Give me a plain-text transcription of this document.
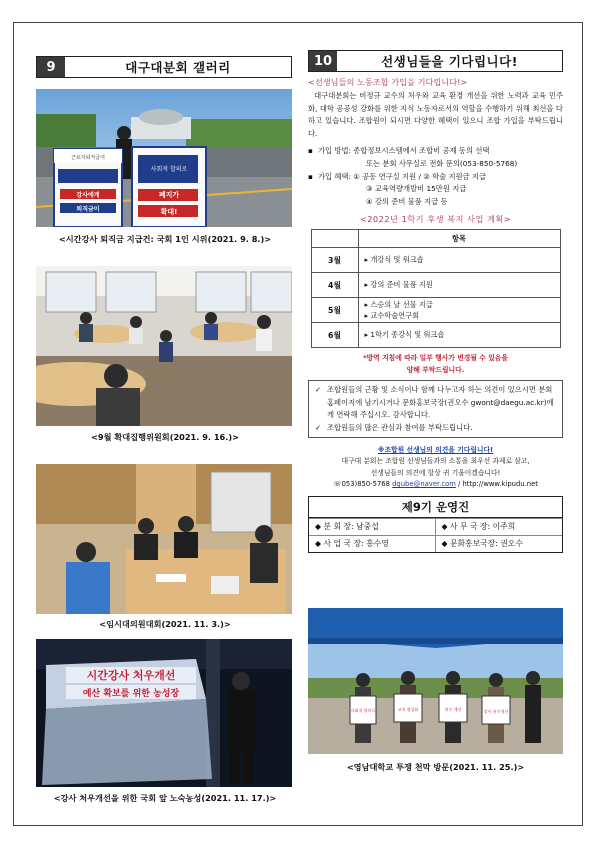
9	대구대분회 갤러리
근로자퇴직급여
사회적 합의로
폐지가
확대!
강사에게
퇴직금이
<시간강사 퇴직금 지급건: 국회 1인 시위(2021. 9. 8.)>
<9월 확대집행위원회(2021. 9. 16.)>
<임시대의원대회(2021. 11. 3.)>
시간강사 처우개선
예산 확보를 위한 농성장
<강사 처우개선을 위한 국회 앞 노숙농성(2021. 11. 17.)>
10	선생님들을 기다립니다!
<선생님들의 노동조합 가입을 기다립니다!>
대구대분회는 비정규 교수의 처우와 교육 환경 개선을 위한 노력과 교육 민주화, 대학 공공성 강화를 위한 지식 노동자로서의 역할을 수행하기 위해 최선을 다하고 있습니다. 조합원이 되시면 다양한 혜택이 있으니 조합 가입을 부탁드립니다.
▪ 가입 방법: 종합정보시스템에서 조합비 공제 동의 선택
또는 분회 사무실로 전화 문의(053-850-5768)
▪ 가입 혜택: ① 공동 연구실 지원 / ② 학술 지원금 지급
③ 교육역량개발비 15만원 지급
④ 강의 준비 물품 지급 등
<2022년 1학기 후생 복지 사업 계획>
	항목
3월	▸ 개강식 및 워크숍
4월	▸ 강의 준비 물품 지원
5월	▸ 스승의 날 선물 지급
▸ 교수학술연구회
6월	▸ 1학기 종강식 및 워크숍
*방역 지침에 따라 일부 행사가 변경될 수 있음을
양해 부탁드립니다.
✓ 조합원들의 근황 및 소식이나 함께 나누고자 하는 의견이 있으시면 분회 홈페이지에 남기시거나 문화홍보국장(권오수 gwont@daegu.ac.kr)에게 연락해 주십시오. 감사합니다.
✓ 조합원들의 많은 관심과 참여를 부탁드립니다.
※조합원 선생님의 의견을 기다립니다!
대구대 분회는 조합원 선생님들과의 소통을 최우선 과제로 삼고,
선생님들의 의견에 항상 귀 기울이겠습니다!
☏053)850-5768 dgube@naver.com / http://www.kipudu.net
제9기 운영진
◆ 분 회 장: 남중섭	◆ 사 무 국 장: 이주희
◆ 사 업 국 장: 홍수영	◆ 문화홍보국장: 권오수
사회적 합의로	교육 정상화	처우 개선	강사 처우개선
<영남대학교 투쟁 천막 방문(2021. 11. 25.)>
